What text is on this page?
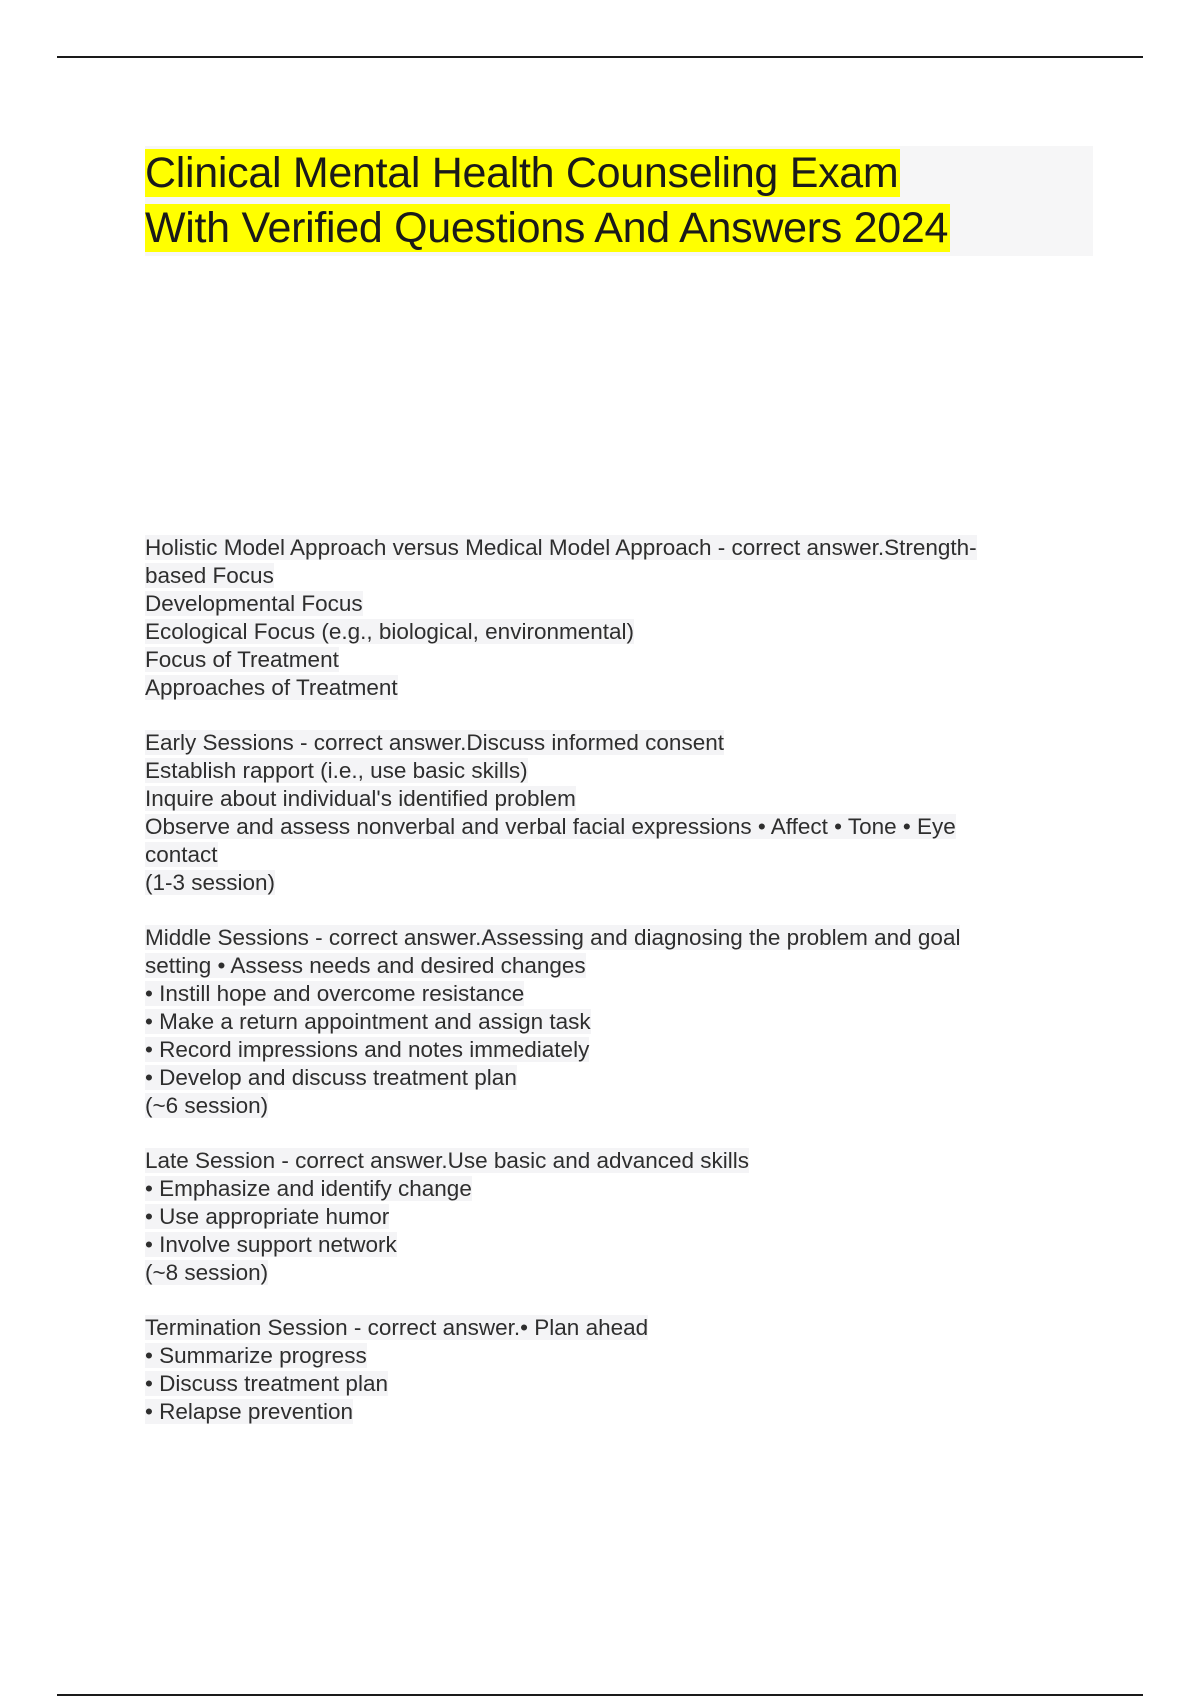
Clinical Mental Health Counseling Exam
With Verified Questions And Answers 2024

Holistic Model Approach versus Medical Model Approach - correct answer.Strength-
based Focus
Developmental Focus
Ecological Focus (e.g., biological, environmental)
Focus of Treatment
Approaches of Treatment

Early Sessions - correct answer.Discuss informed consent
Establish rapport (i.e., use basic skills)
Inquire about individual's identified problem
Observe and assess nonverbal and verbal facial expressions • Affect • Tone • Eye
contact
(1-3 session)

Middle Sessions - correct answer.Assessing and diagnosing the problem and goal
setting • Assess needs and desired changes
• Instill hope and overcome resistance
• Make a return appointment and assign task
• Record impressions and notes immediately
• Develop and discuss treatment plan
(~6 session)

Late Session - correct answer.Use basic and advanced skills
• Emphasize and identify change
• Use appropriate humor
• Involve support network
(~8 session)

Termination Session - correct answer.• Plan ahead
• Summarize progress
• Discuss treatment plan
• Relapse prevention
